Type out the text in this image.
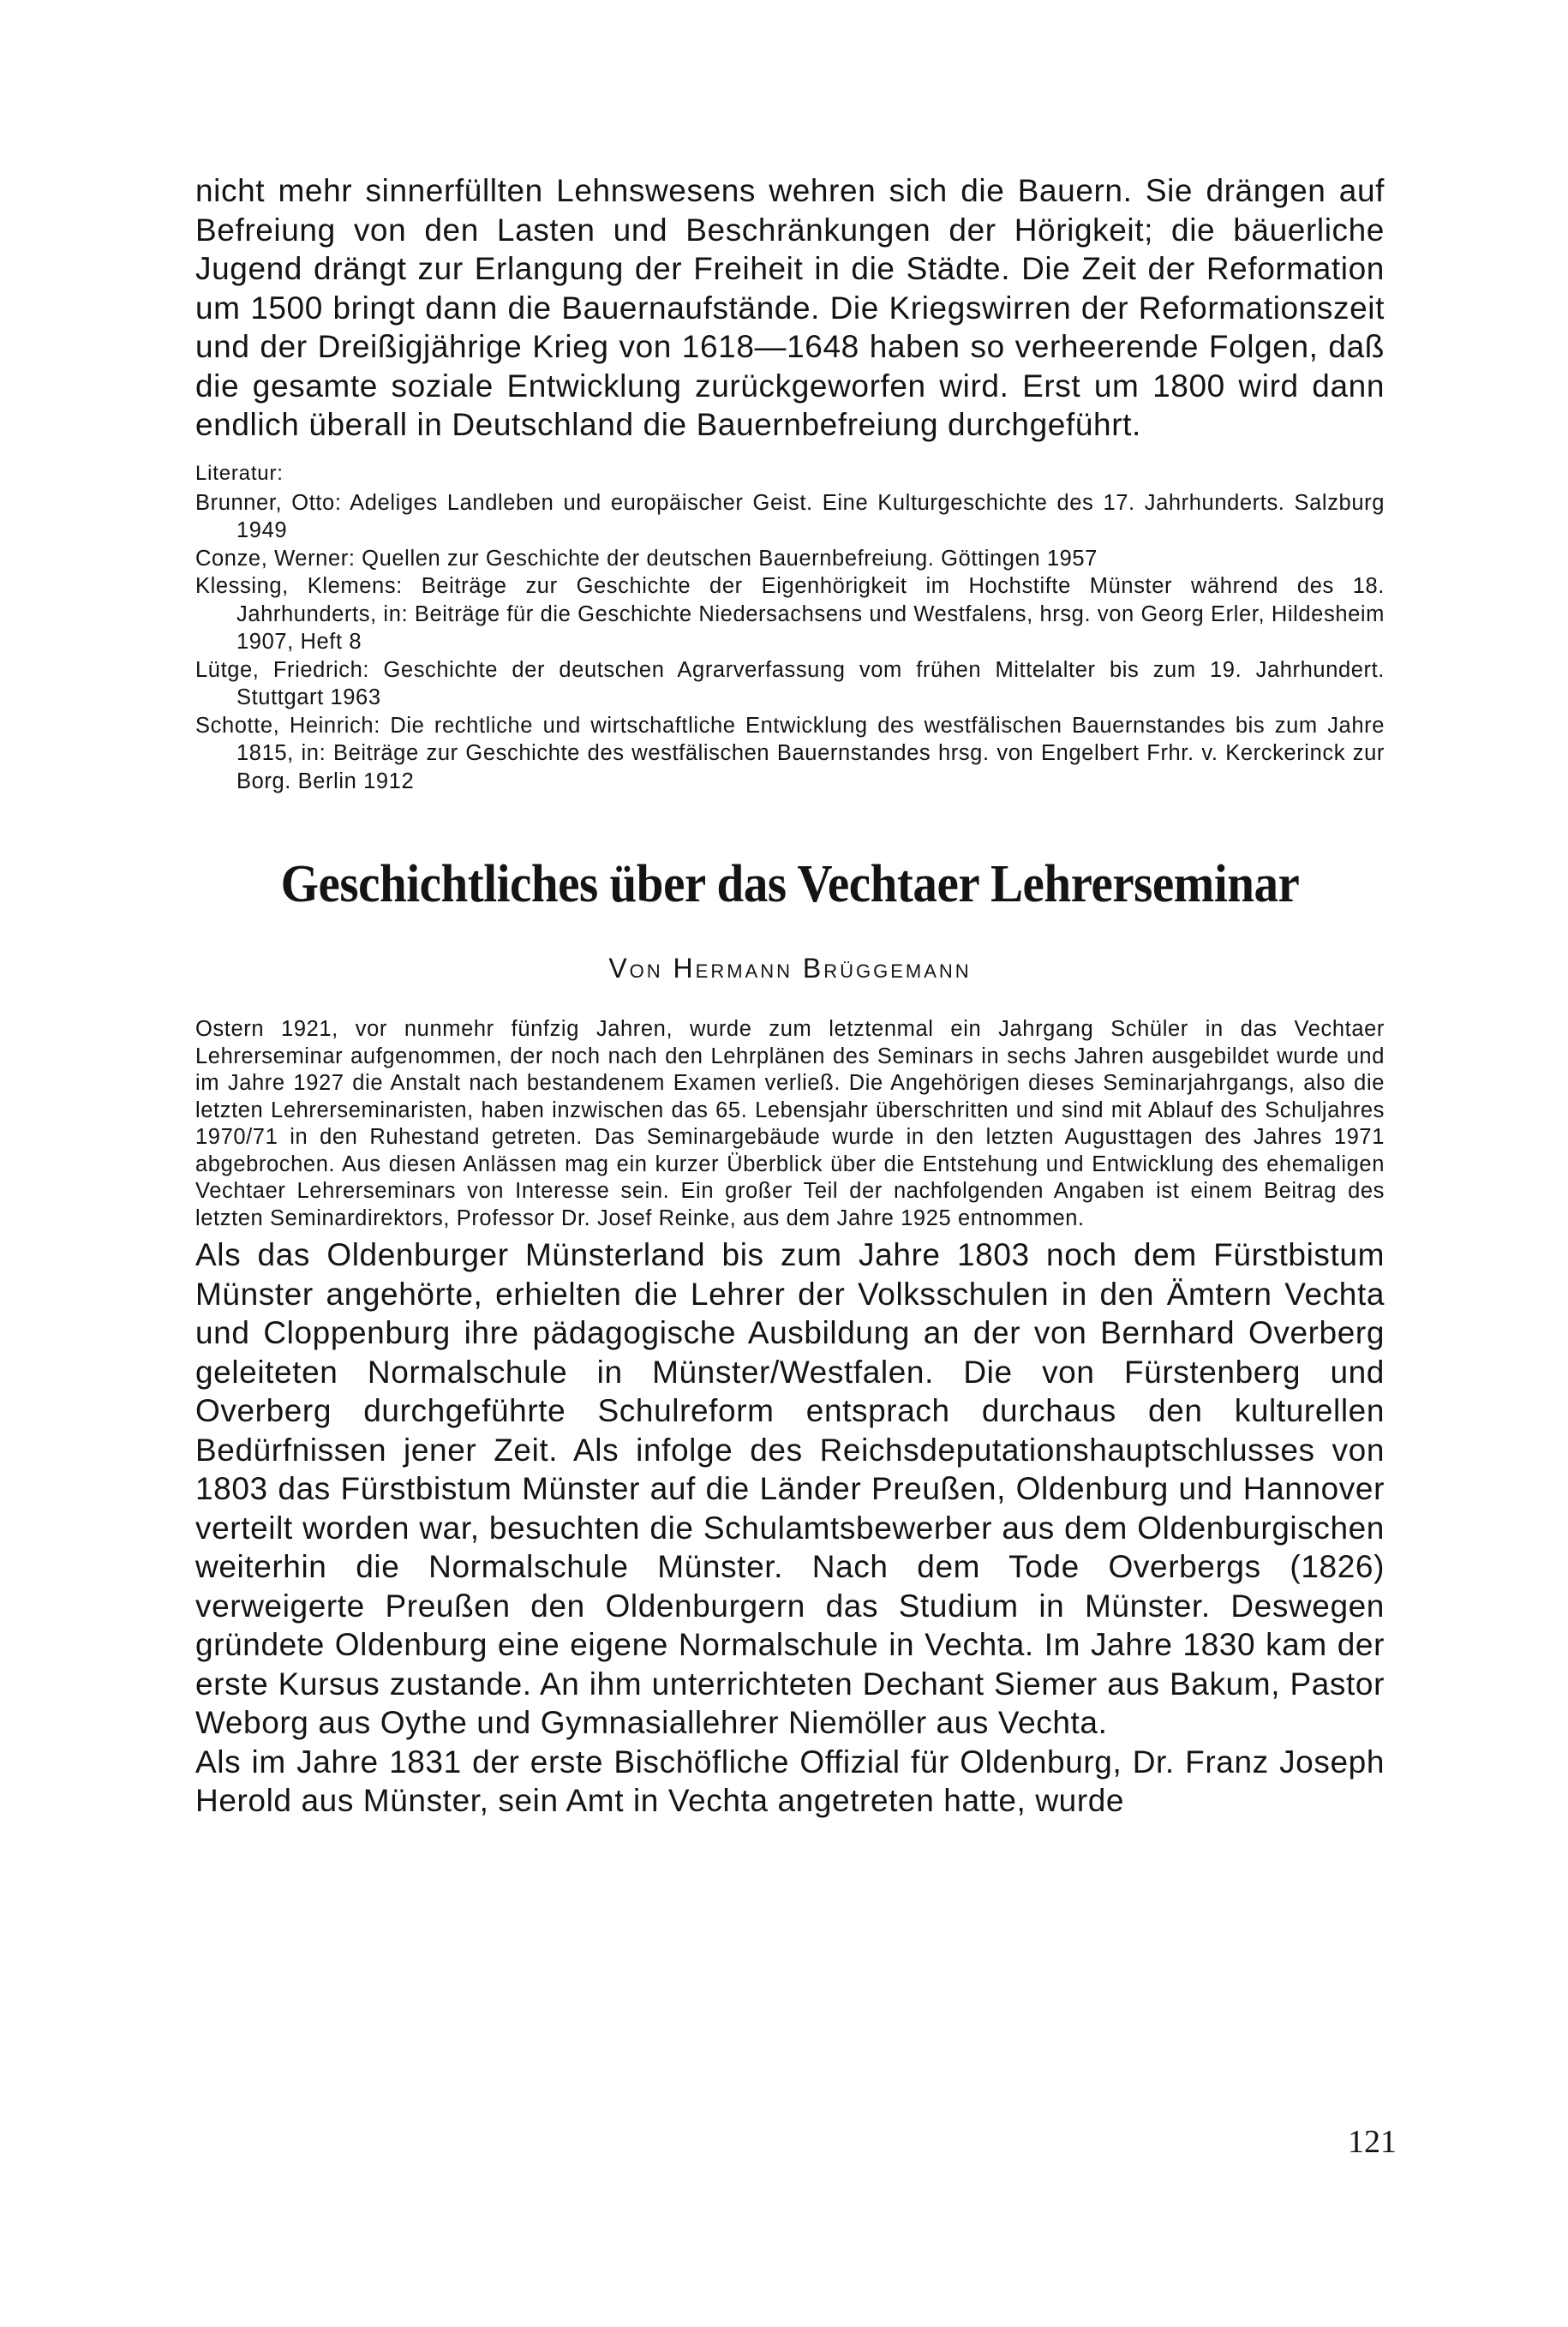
nicht mehr sinnerfüllten Lehnswesens wehren sich die Bauern. Sie drängen auf Befreiung von den Lasten und Beschränkungen der Hörigkeit; die bäuerliche Jugend drängt zur Erlangung der Freiheit in die Städte. Die Zeit der Reformation um 1500 bringt dann die Bauernaufstände. Die Kriegswirren der Reformationszeit und der Dreißigjährige Krieg von 1618—1648 haben so verheerende Folgen, daß die gesamte soziale Entwicklung zurückgeworfen wird. Erst um 1800 wird dann endlich überall in Deutschland die Bauernbefreiung durchgeführt.

Literatur:

Brunner, Otto: Adeliges Landleben und europäischer Geist. Eine Kulturgeschichte des 17. Jahrhunderts. Salzburg 1949

Conze, Werner: Quellen zur Geschichte der deutschen Bauernbefreiung. Göttingen 1957

Klessing, Klemens: Beiträge zur Geschichte der Eigenhörigkeit im Hochstifte Münster während des 18. Jahrhunderts, in: Beiträge für die Geschichte Niedersachsens und Westfalens, hrsg. von Georg Erler, Hildesheim 1907, Heft 8

Lütge, Friedrich: Geschichte der deutschen Agrarverfassung vom frühen Mittelalter bis zum 19. Jahrhundert. Stuttgart 1963

Schotte, Heinrich: Die rechtliche und wirtschaftliche Entwicklung des westfälischen Bauernstandes bis zum Jahre 1815, in: Beiträge zur Geschichte des westfälischen Bauernstandes hrsg. von Engelbert Frhr. v. Kerckerinck zur Borg. Berlin 1912

Geschichtliches über das Vechtaer Lehrerseminar
Von Hermann Brüggemann

Ostern 1921, vor nunmehr fünfzig Jahren, wurde zum letztenmal ein Jahrgang Schüler in das Vechtaer Lehrerseminar aufgenommen, der noch nach den Lehrplänen des Seminars in sechs Jahren ausgebildet wurde und im Jahre 1927 die Anstalt nach bestandenem Examen verließ. Die Angehörigen dieses Seminarjahrgangs, also die letzten Lehrerseminaristen, haben inzwischen das 65. Lebensjahr überschritten und sind mit Ablauf des Schuljahres 1970/71 in den Ruhestand getreten. Das Seminargebäude wurde in den letzten Augusttagen des Jahres 1971 abgebrochen. Aus diesen Anlässen mag ein kurzer Überblick über die Entstehung und Entwicklung des ehemaligen Vechtaer Lehrerseminars von Interesse sein. Ein großer Teil der nachfolgenden Angaben ist einem Beitrag des letzten Seminardirektors, Professor Dr. Josef Reinke, aus dem Jahre 1925 entnommen.

Als das Oldenburger Münsterland bis zum Jahre 1803 noch dem Fürstbistum Münster angehörte, erhielten die Lehrer der Volksschulen in den Ämtern Vechta und Cloppenburg ihre pädagogische Ausbildung an der von Bernhard Overberg geleiteten Normalschule in Münster/Westfalen. Die von Fürstenberg und Overberg durchgeführte Schulreform entsprach durchaus den kulturellen Bedürfnissen jener Zeit. Als infolge des Reichsdeputationshauptschlusses von 1803 das Fürstbistum Münster auf die Länder Preußen, Oldenburg und Hannover verteilt worden war, besuchten die Schulamtsbewerber aus dem Oldenburgischen weiterhin die Normalschule Münster. Nach dem Tode Overbergs (1826) verweigerte Preußen den Oldenburgern das Studium in Münster. Deswegen gründete Oldenburg eine eigene Normalschule in Vechta. Im Jahre 1830 kam der erste Kursus zustande. An ihm unterrichteten Dechant Siemer aus Bakum, Pastor Weborg aus Oythe und Gymnasiallehrer Niemöller aus Vechta.

Als im Jahre 1831 der erste Bischöfliche Offizial für Oldenburg, Dr. Franz Joseph Herold aus Münster, sein Amt in Vechta angetreten hatte, wurde

121
